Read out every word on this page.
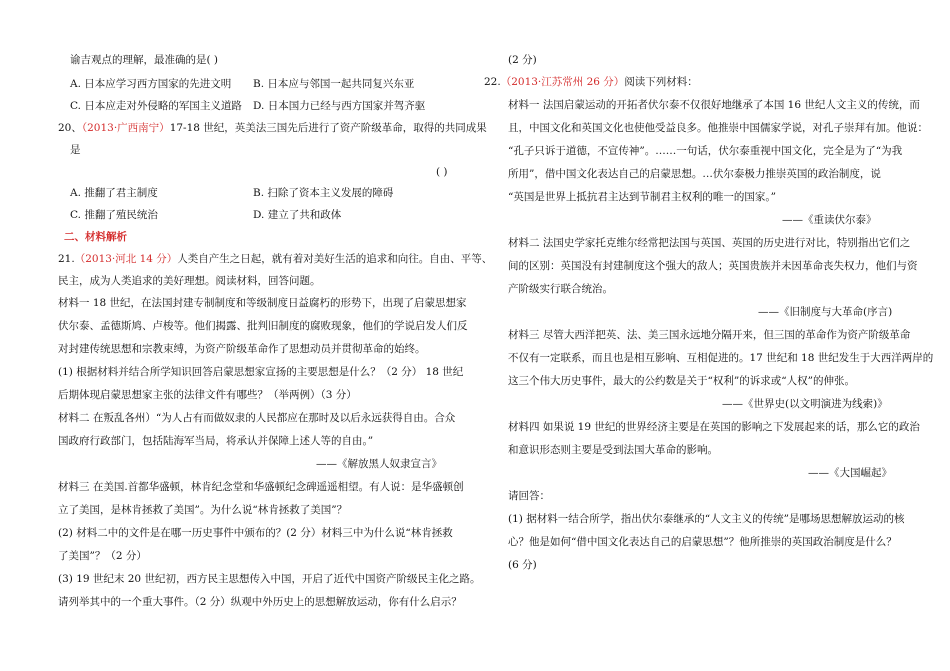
谕吉观点的理解，最准确的是( )
A. 日本应学习西方国家的先进文明 B. 日本应与邻国一起共同复兴东亚
C. 日本应走对外侵略的军国主义道路 D. 日本国力已经与西方国家并驾齐驱
20、（2013·广西南宁）17-18 世纪，英美法三国先后进行了资产阶级革命，取得的共同成果
是
( )
A. 推翻了君主制度	B. 扫除了资本主义发展的障碍
C. 推翻了殖民统治	D. 建立了共和政体
二、材料解析
21.（2013·河北 14 分）人类自产生之日起，就有着对美好生活的追求和向往。自由、平等、
民主，成为人类追求的美好理想。阅读材料，回答问题。
材料一 18 世纪，在法国封建专制制度和等级制度日益腐朽的形势下，出现了启蒙思想家
伏尔泰、孟德斯鸠、卢梭等。他们揭露、批判旧制度的腐败现象，他们的学说启发人们反
对封建传统思想和宗教束缚，为资产阶级革命作了思想动员并贯彻革命的始终。
(1) 根据材料并结合所学知识回答启蒙思想家宣扬的主要思想是什么？（2 分） 18 世纪
后期体现启蒙思想家主张的法律文件有哪些？（举两例）（3 分）
材料二 在叛乱各州）“为人占有而做奴隶的人民都应在那时及以后永远获得自由。合众
国政府行政部门，包括陆海军当局，将承认并保障上述人等的自由。”
——《解放黑人奴隶宣言》
材料三 在美国.首都华盛顿，林肯纪念堂和华盛顿纪念碑遥遥相望。有人说：是华盛顿创
立了美国，是林肯拯救了美国”。为什么说“林肯拯救了美国”？
(2) 材料二中的文件是在哪一历史事件中颁布的？(2 分）材料三中为什么说“林肯拯救
了美国”？（2 分）
(3) 19 世纪末 20 世纪初，西方民主思想传入中国，开启了近代中国资产阶级民主化之路。
请列举其中的一个重大事件。（2 分）纵观中外历史上的思想解放运动，你有什么启示？
(2 分)
22.（2013·江苏常州 26 分）阅读下列材料：
材料一 法国启蒙运动的开拓者伏尔泰不仅很好地继承了本国 16 世纪人文主义的传统，而
且，中国文化和英国文化也使他受益良多。他推崇中国儒家学说，对孔子崇拜有加。他说：
“孔子只诉于道德，不宣传神”。……一句话，伏尔泰重视中国文化，完全是为了“为我
所用”，借中国文化表达自己的启蒙思想。…伏尔泰极力推崇英国的政治制度，说
“英国是世界上抵抗君主达到节制君主权利的唯一的国家。”
——《重读伏尔泰》
材料二 法国史学家托克维尔经常把法国与英国、英国的历史进行对比，特别指出它们之
间的区别：英国没有封建制度这个强大的敌人；英国贵族并未因革命丧失权力，他们与资
产阶级实行联合统治。
——《旧制度与大革命(序言)
材料三 尽管大西洋把英、法、美三国永远地分隔开来，但三国的革命作为资产阶级革命
不仅有一定联系，而且也是相互影响、互相促进的。17 世纪和 18 世纪发生于大西洋两岸的
这三个伟大历史事件，最大的公约数是关于“权利”的诉求或“人权”的伸张。
——《世界史(以文明演进为线索)》
材料四 如果说 19 世纪的世界经济主要是在英国的影响之下发展起来的话，那么它的政治
和意识形态则主要是受到法国大革命的影响。
——《大国崛起》
请回答：
(1) 据材料一结合所学，指出伏尔泰继承的“人文主义的传统”是哪场思想解放运动的核
心？他是如何“借中国文化表达自己的启蒙思想”？他所推崇的英国政治制度是什么？
(6 分)
